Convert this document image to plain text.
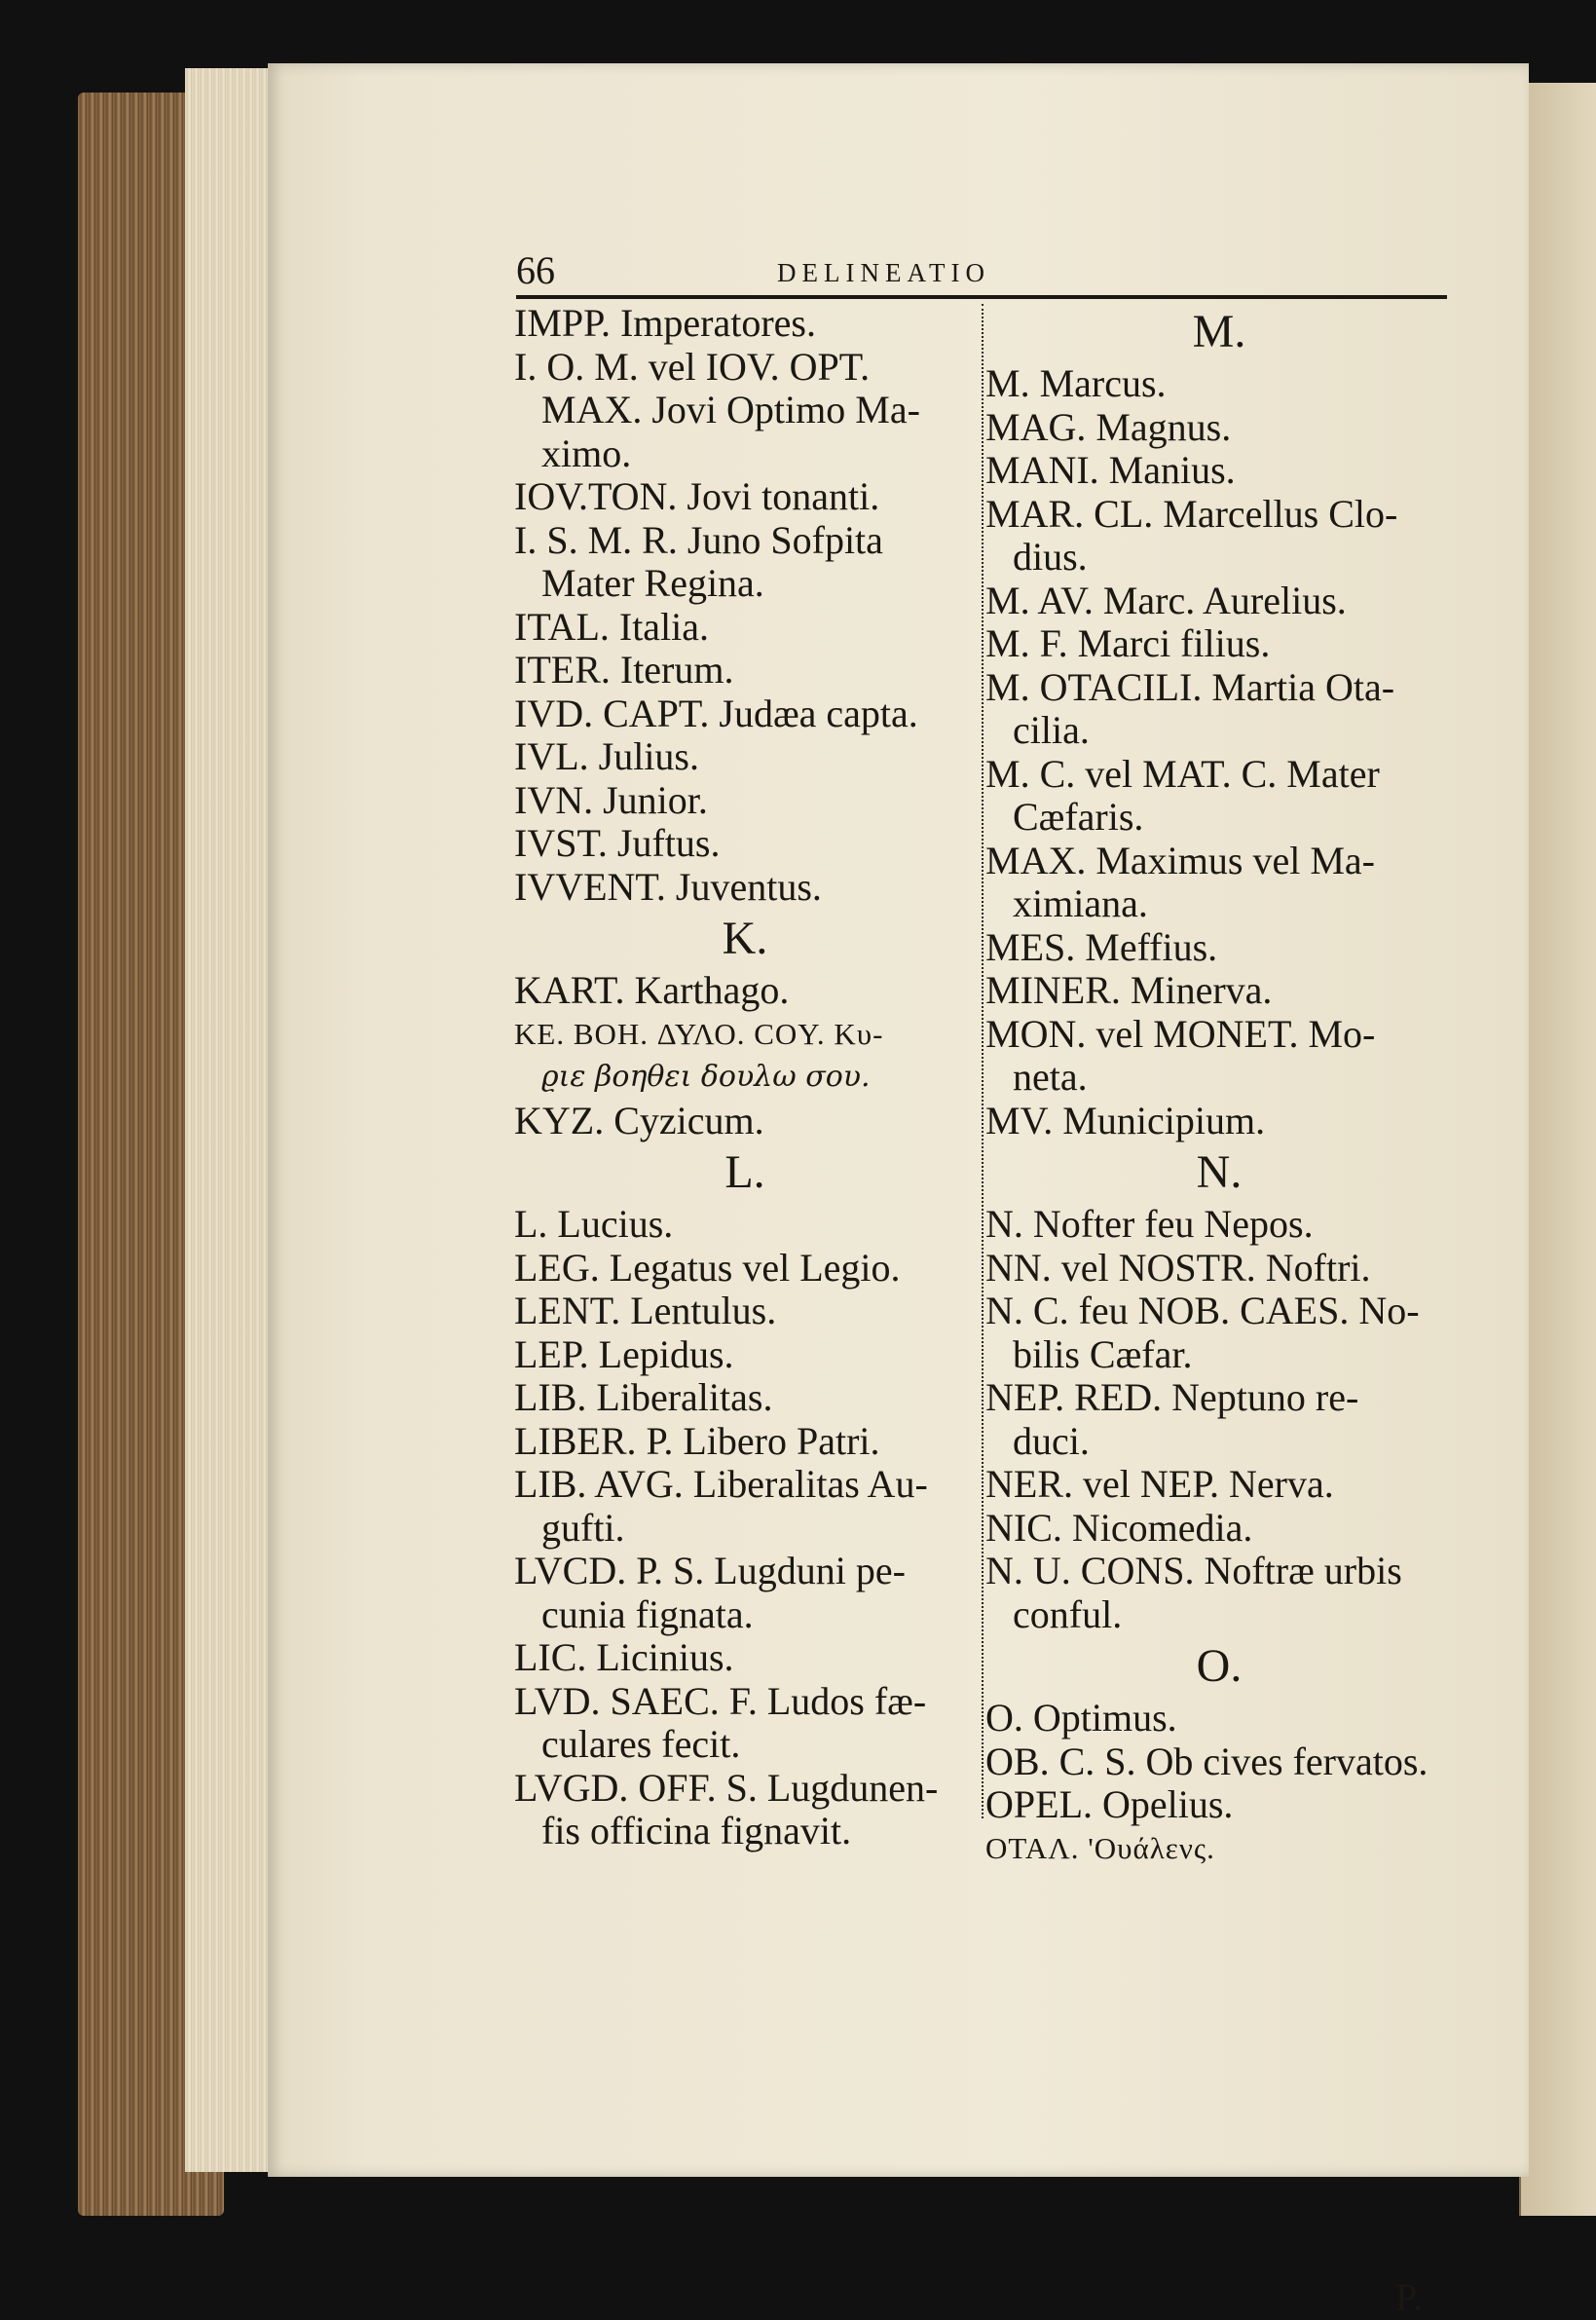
66	DELINEATIO

IMPP. Imperatores.

I. O. M. vel IOV. OPT.

MAX. Jovi Optimo Ma-

ximo.

IOV.TON. Jovi tonanti.

I. S. M. R. Juno Sofpita

Mater Regina.

ITAL. Italia.

ITER. Iterum.

IVD. CAPT. Judæa capta.

IVL. Julius.

IVN. Junior.

IVST. Juftus.

IVVENT. Juventus.

K.

KART. Karthago.

KE. BOH. ΔΥΛΟ. COΥ. Κυ-

ϱιε βοηθει δουλω σου.

KYZ. Cyzicum.

L.

L. Lucius.

LEG. Legatus vel Legio.

LENT. Lentulus.

LEP. Lepidus.

LIB. Liberalitas.

LIBER. P. Libero Patri.

LIB. AVG. Liberalitas Au-

gufti.

LVCD. P. S. Lugduni pe-

cunia fignata.

LIC. Licinius.

LVD. SAEC. F. Ludos fæ-

culares fecit.

LVGD. OFF. S. Lugdunen-

fis officina fignavit.

M.

M. Marcus.

MAG. Magnus.

MANI. Manius.

MAR. CL. Marcellus Clo-

dius.

M. AV. Marc. Aurelius.

M. F. Marci filius.

M. OTACILI. Martia Ota-

cilia.

M. C. vel MAT. C. Mater

Cæfaris.

MAX. Maximus vel Ma-

ximiana.

MES. Meffius.

MINER. Minerva.

MON. vel MONET. Mo-

neta.

MV. Municipium.

N.

N. Nofter feu Nepos.

NN. vel NOSTR. Noftri.

N. C. feu NOB. CAES. No-

bilis Cæfar.

NEP. RED. Neptuno re-

duci.

NER. vel NEP. Nerva.

NIC. Nicomedia.

N. U. CONS. Noftræ urbis

conful.

O.

O. Optimus.

OB. C. S. Ob cives fervatos.

OPEL. Opelius.

OTAΛ. 'Ουάλενς.

P.
